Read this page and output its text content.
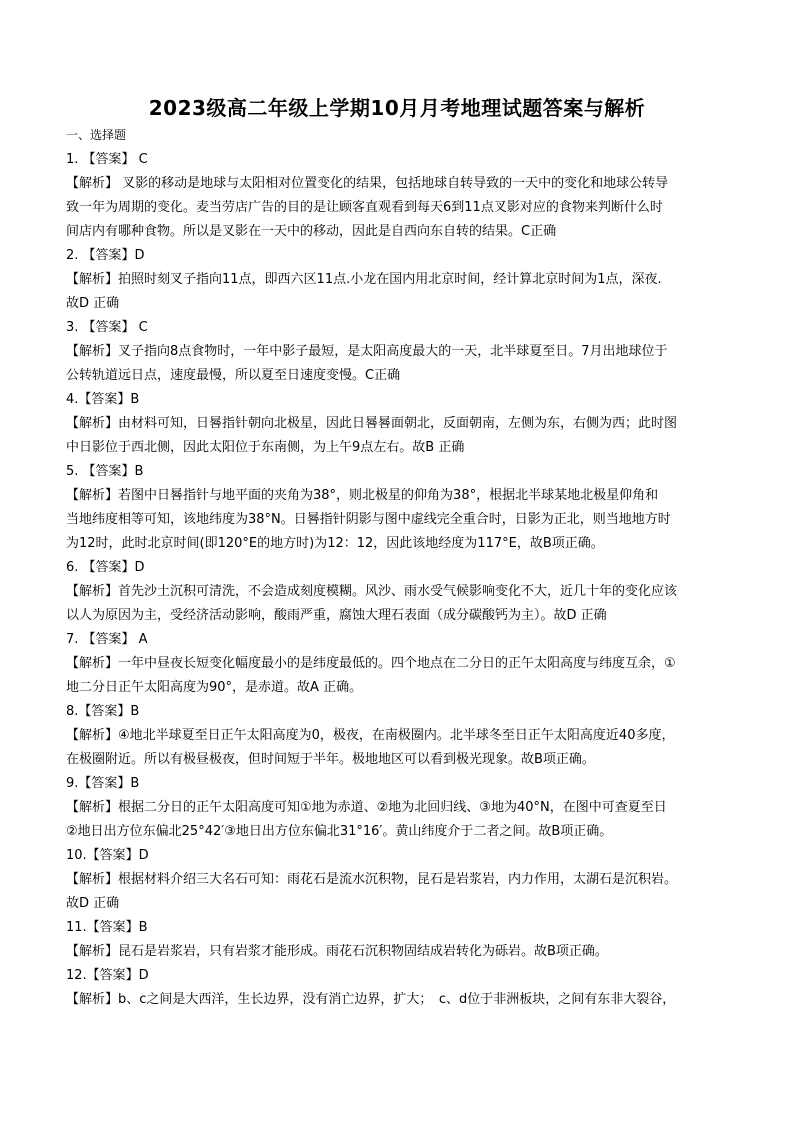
2023级高二年级上学期10月月考地理试题答案与解析
一、选择题
1. 【答案】 C
【解析】 叉影的移动是地球与太阳相对位置变化的结果，包括地球自转导致的一天中的变化和地球公转导
致一年为周期的变化。麦当劳店广告的目的是让顾客直观看到每天6到11点叉影对应的食物来判断什么时
间店内有哪种食物。所以是叉影在一天中的移动，因此是自西向东自转的结果。C正确
2. 【答案】D
【解析】拍照时刻叉子指向11点，即西六区11点.小龙在国内用北京时间，经计算北京时间为1点，深夜.
故D 正确
3. 【答案】 C
【解析】叉子指向8点食物时，一年中影子最短，是太阳高度最大的一天，北半球夏至日。7月出地球位于
公转轨道远日点，速度最慢，所以夏至日速度变慢。C正确
4.【答案】B
【解析】由材料可知，日晷指针朝向北极星，因此日晷晷面朝北，反面朝南，左侧为东，右侧为西；此时图
中日影位于西北侧，因此太阳位于东南侧，为上午9点左右。故B 正确
5. 【答案】B
【解析】若图中日晷指针与地平面的夹角为38°，则北极星的仰角为38°，根据北半球某地北极星仰角和
当地纬度相等可知，该地纬度为38°N。日晷指针阴影与图中虚线完全重合时，日影为正北，则当地地方时
为12时，此时北京时间(即120°E的地方时)为12：12，因此该地经度为117°E，故B项正确。
6. 【答案】D
【解析】首先沙土沉积可清洗，不会造成刻度模糊。风沙、雨水受气候影响变化不大，近几十年的变化应该
以人为原因为主，受经济活动影响，酸雨严重，腐蚀大理石表面（成分碳酸钙为主）。故D 正确
7. 【答案】 A
【解析】一年中昼夜长短变化幅度最小的是纬度最低的。四个地点在二分日的正午太阳高度与纬度互余，①
地二分日正午太阳高度为90°，是赤道。故A 正确。
8.【答案】B
【解析】④地北半球夏至日正午太阳高度为0，极夜，在南极圈内。北半球冬至日正午太阳高度近40多度，
在极圈附近。所以有极昼极夜，但时间短于半年。极地地区可以看到极光现象。故B项正确。
9.【答案】B
【解析】根据二分日的正午太阳高度可知①地为赤道、②地为北回归线、③地为40°N，在图中可查夏至日
②地日出方位东偏北25°42′③地日出方位东偏北31°16′。黄山纬度介于二者之间。故B项正确。
10.【答案】D
【解析】根据材料介绍三大名石可知：雨花石是流水沉积物，昆石是岩浆岩，内力作用，太湖石是沉积岩。
故D 正确
11.【答案】B
【解析】昆石是岩浆岩，只有岩浆才能形成。雨花石沉积物固结成岩转化为砾岩。故B项正确。
12.【答案】D
【解析】b、c之间是大西洋，生长边界，没有消亡边界，扩大；　c、d位于非洲板块，之间有东非大裂谷，
